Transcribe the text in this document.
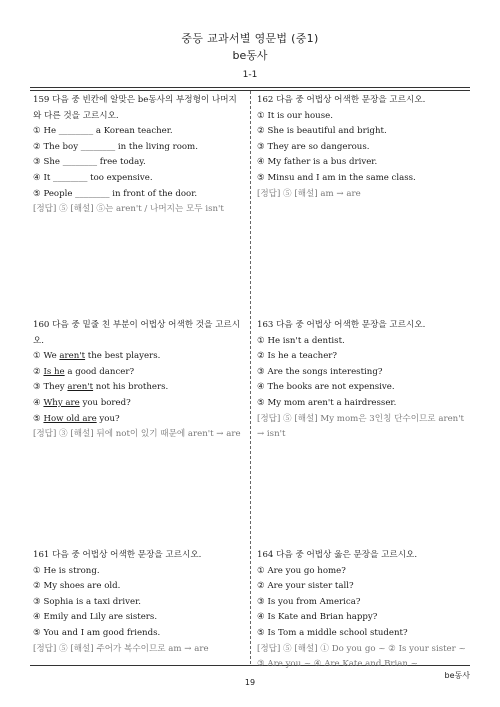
중등 교과서별 영문법 (중1)
be동사
1-1

159 다음 중 빈칸에 알맞은 be동사의 부정형이 나머지와 다른 것을 고르시오.

① He ________ a Korean teacher.

② The boy ________ in the living room.

③ She ________ free today.

④ It ________ too expensive.

⑤ People ________ in front of the door.

[정답] ⑤ [해설] ⑤는 aren't / 나머지는 모두 isn't

162 다음 중 어법상 어색한 문장을 고르시오.

① It is our house.

② She is beautiful and bright.

③ They are so dangerous.

④ My father is a bus driver.

⑤ Minsu and I am in the same class.

[정답] ⑤ [해설] am → are

160 다음 중 밑줄 친 부분이 어법상 어색한 것을 고르시오.

① We aren't the best players.

② Is he a good dancer?

③ They aren't not his brothers.

④ Why are you bored?

⑤ How old are you?

[정답] ③ [해설] 뒤에 not이 있기 때문에 aren't → are

163 다음 중 어법상 어색한 문장을 고르시오.

① He isn't a dentist.

② Is he a teacher?

③ Are the songs interesting?

④ The books are not expensive.

⑤ My mom aren't a hairdresser.

[정답] ⑤ [해설] My mom은 3인칭 단수이므로 aren't → isn't

161 다음 중 어법상 어색한 문장을 고르시오.

① He is strong.

② My shoes are old.

③ Sophia is a taxi driver.

④ Emily and Lily are sisters.

⑤ You and I am good friends.

[정답] ⑤ [해설] 주어가 복수이므로 am → are

164 다음 중 어법상 옳은 문장을 고르시오.

① Are you go home?

② Are your sister tall?

③ Is you from America?

④ Is Kate and Brian happy?

⑤ Is Tom a middle school student?

[정답] ⑤ [해설] ① Do you go ~ ② Is your sister ~ ③ Are you ~ ④ Are Kate and Brian ~

be동사
19
